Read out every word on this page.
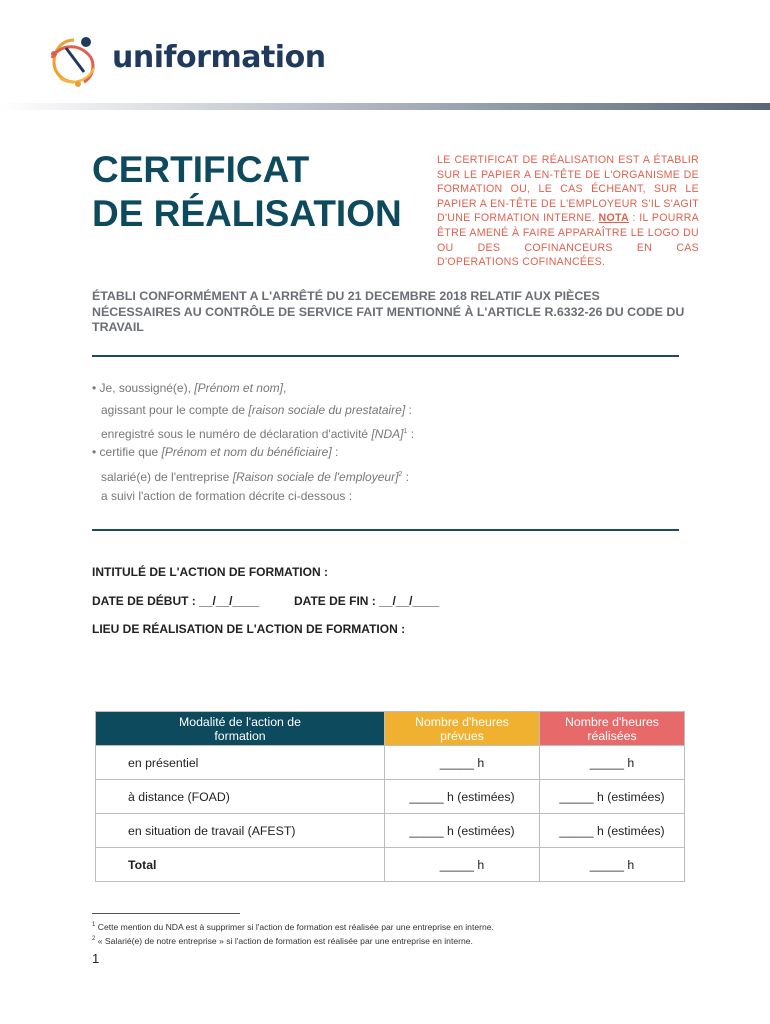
uniformation
CERTIFICAT
DE RÉALISATION
LE CERTIFICAT DE RÉALISATION EST A ÉTABLIR SUR LE PAPIER A EN-TÊTE DE L'ORGANISME DE FORMATION OU, LE CAS ÉCHEANT, SUR LE PAPIER A EN-TÊTE DE L'EMPLOYEUR S'IL S'AGIT D'UNE FORMATION INTERNE. NOTA : IL POURRA ÊTRE AMENÉ À FAIRE APPARAÎTRE LE LOGO DU OU DES COFINANCEURS EN CAS D'OPERATIONS COFINANCÉES.
ÉTABLI CONFORMÉMENT A L'ARRÊTÉ DU 21 DECEMBRE 2018 RELATIF AUX PIÈCES NÉCESSAIRES AU CONTRÔLE DE SERVICE FAIT MENTIONNÉ À L'ARTICLE R.6332-26 DU CODE DU TRAVAIL
• Je, soussigné(e), [Prénom et nom],
agissant pour le compte de [raison sociale du prestataire] :
enregistré sous le numéro de déclaration d'activité [NDA]$^1$ :
• certifie que [Prénom et nom du bénéficiaire] :
salarié(e) de l'entreprise [Raison sociale de l'employeur]$^2$ :
a suivi l'action de formation décrite ci-dessous :
INTITULÉ DE L'ACTION DE FORMATION :
DATE DE DÉBUT : __/__/____	DATE DE FIN : __/__/____
LIEU DE RÉALISATION DE L'ACTION DE FORMATION :
Modalité de l'action de formation	Nombre d'heures prévues	Nombre d'heures réalisées

en présentiel	_____ h	_____ h
à distance (FOAD)	_____ h (estimées)	_____ h (estimées)
en situation de travail (AFEST)	_____ h (estimées)	_____ h (estimées)
Total	_____ h	_____ h
$^1$ Cette mention du NDA est à supprimer si l'action de formation est réalisée par une entreprise en interne.
$^2$ « Salarié(e) de notre entreprise » si l'action de formation est réalisée par une entreprise en interne.
1
